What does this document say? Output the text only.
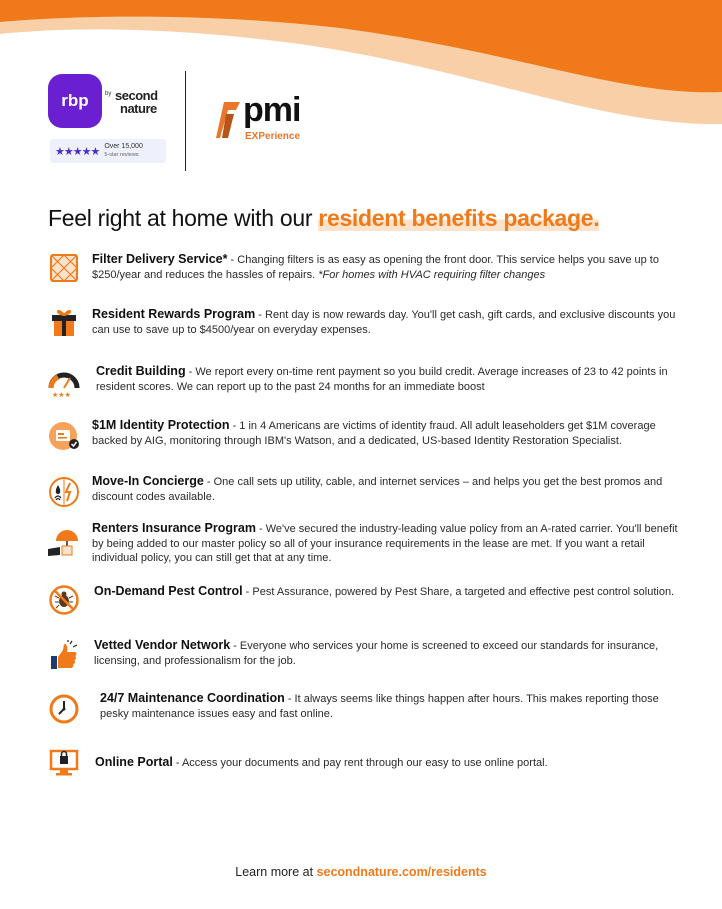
rbp	by second
nature
★★★★★ Over 15,000
5-star reviews
pmi
EXPerience
Feel right at home with our resident benefits package.
Filter Delivery Service* - Changing filters is as easy as opening the front door. This service helps you save up to $250/year and reduces the hassles of repairs. *For homes with HVAC requiring filter changes
Resident Rewards Program - Rent day is now rewards day. You'll get cash, gift cards, and exclusive discounts you can use to save up to $4500/year on everyday expenses.
★★★
Credit Building - We report every on-time rent payment so you build credit. Average increases of 23 to 42 points in resident scores. We can report up to the past 24 months for an immediate boost
$1M Identity Protection - 1 in 4 Americans are victims of identity fraud. All adult leaseholders get $1M coverage backed by AIG, monitoring through IBM's Watson, and a dedicated, US-based Identity Restoration Specialist.
Move-In Concierge - One call sets up utility, cable, and internet services – and helps you get the best promos and discount codes available.
Renters Insurance Program - We've secured the industry-leading value policy from an A-rated carrier. You'll benefit by being added to our master policy so all of your insurance requirements in the lease are met. If you want a retail individual policy, you can still get that at any time.
On-Demand Pest Control - Pest Assurance, powered by Pest Share, a targeted and effective pest control solution.
Vetted Vendor Network - Everyone who services your home is screened to exceed our standards for insurance, licensing, and professionalism for the job.
24/7 Maintenance Coordination - It always seems like things happen after hours. This makes reporting those pesky maintenance issues easy and fast online.
Online Portal - Access your documents and pay rent through our easy to use online portal.
Learn more at secondnature.com/residents
